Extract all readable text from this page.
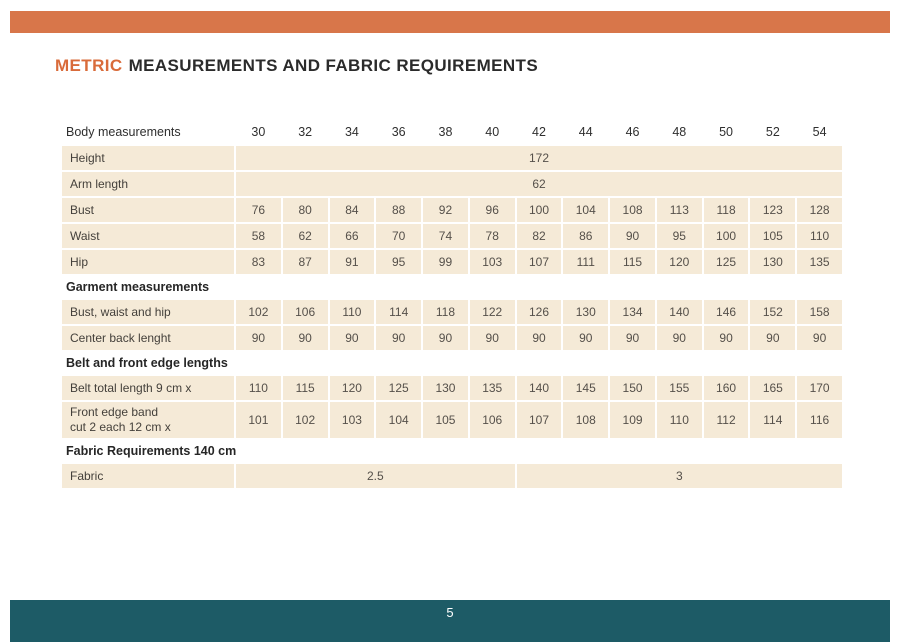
METRIC MEASUREMENTS AND FABRIC REQUIREMENTS
Body measurements	30	32	34	36	38	40	42	44	46	48	50	52	54
Height	172
Arm length	62
Bust	76	80	84	88	92	96	100	104	108	113	118	123	128
Waist	58	62	66	70	74	78	82	86	90	95	100	105	110
Hip	83	87	91	95	99	103	107	111	115	120	125	130	135
Garment measurements
Bust, waist and hip	102	106	110	114	118	122	126	130	134	140	146	152	158
Center back lenght	90	90	90	90	90	90	90	90	90	90	90	90	90
Belt and front edge lengths
Belt total length 9 cm x	110	115	120	125	130	135	140	145	150	155	160	165	170
Front edge band
cut 2 each 12 cm x	101	102	103	104	105	106	107	108	109	110	112	114	116
Fabric Requirements 140 cm
Fabric	2.5	3
5
